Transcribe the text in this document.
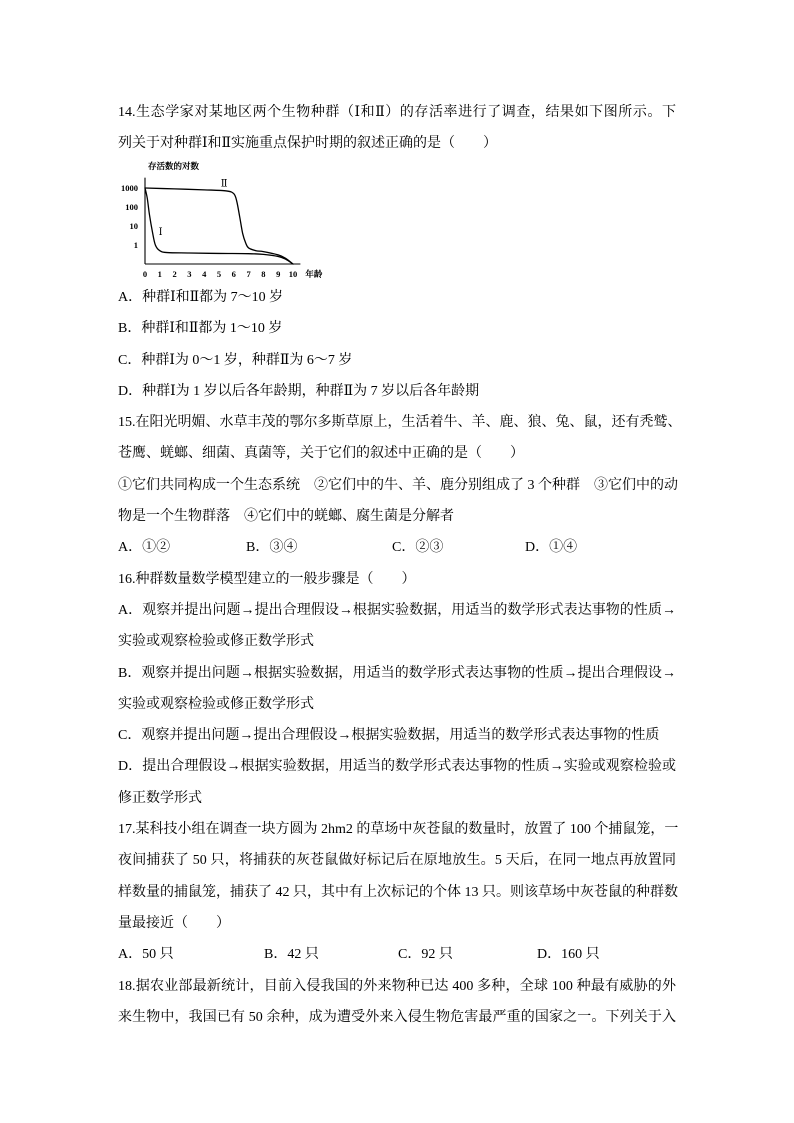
14.生态学家对某地区两个生物种群（Ⅰ和Ⅱ）的存活率进行了调查，结果如下图所示。下
列关于对种群Ⅰ和Ⅱ实施重点保护时期的叙述正确的是（　　）
1000
100
10
1
0 1 2 3 4 5 6 7 8 9 10 年龄
存活数的对数
Ⅱ
Ⅰ
A．种群Ⅰ和Ⅱ都为 7～10 岁
B．种群Ⅰ和Ⅱ都为 1～10 岁
C．种群Ⅰ为 0～1 岁，种群Ⅱ为 6～7 岁
D．种群Ⅰ为 1 岁以后各年龄期，种群Ⅱ为 7 岁以后各年龄期
15.在阳光明媚、水草丰茂的鄂尔多斯草原上，生活着牛、羊、鹿、狼、兔、鼠，还有秃鹫、
苍鹰、蜣螂、细菌、真菌等，关于它们的叙述中正确的是（　　）
①它们共同构成一个生态系统　②它们中的牛、羊、鹿分别组成了 3 个种群　③它们中的动
物是一个生物群落　④它们中的蜣螂、腐生菌是分解者
A．①②	B．③④	C．②③	D．①④
16.种群数量数学模型建立的一般步骤是（　　）
A．观察并提出问题→提出合理假设→根据实验数据，用适当的数学形式表达事物的性质→
实验或观察检验或修正数学形式
B．观察并提出问题→根据实验数据，用适当的数学形式表达事物的性质→提出合理假设→
实验或观察检验或修正数学形式
C．观察并提出问题→提出合理假设→根据实验数据，用适当的数学形式表达事物的性质
D．提出合理假设→根据实验数据，用适当的数学形式表达事物的性质→实验或观察检验或
修正数学形式
17.某科技小组在调查一块方圆为 2hm2 的草场中灰苍鼠的数量时，放置了 100 个捕鼠笼，一
夜间捕获了 50 只，将捕获的灰苍鼠做好标记后在原地放生。5 天后，在同一地点再放置同
样数量的捕鼠笼，捕获了 42 只，其中有上次标记的个体 13 只。则该草场中灰苍鼠的种群数
量最接近（　　）
A．50 只	B．42 只	C．92 只	D．160 只
18.据农业部最新统计，目前入侵我国的外来物种已达 400 多种，全球 100 种最有威胁的外
来生物中，我国已有 50 余种，成为遭受外来入侵生物危害最严重的国家之一。下列关于入
